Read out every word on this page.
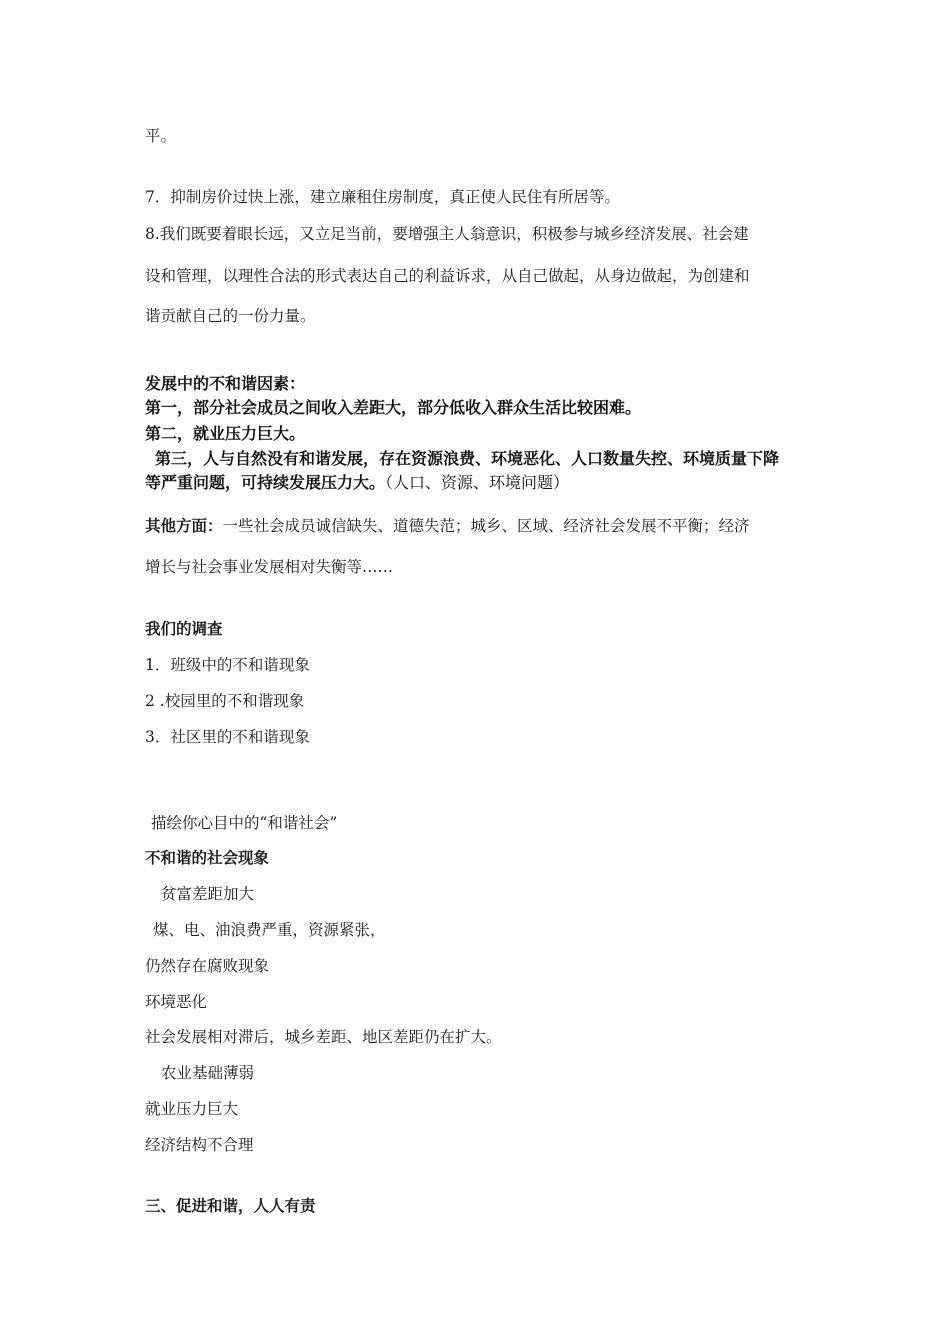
平。
7．抑制房价过快上涨，建立廉租住房制度，真正使人民住有所居等。
8.我们既要着眼长远，又立足当前，要增强主人翁意识，积极参与城乡经济发展、社会建
设和管理，以理性合法的形式表达自己的利益诉求，从自己做起，从身边做起，为创建和
谐贡献自己的一份力量。
发展中的不和谐因素：
第一，部分社会成员之间收入差距大，部分低收入群众生活比较困难。
第二，就业压力巨大。
第三，人与自然没有和谐发展，存在资源浪费、环境恶化、人口数量失控、环境质量下降
等严重问题，可持续发展压力大。（人口、资源、环境问题）
其他方面：一些社会成员诚信缺失、道德失范；城乡、区域、经济社会发展不平衡；经济
增长与社会事业发展相对失衡等……
我们的调查
1．班级中的不和谐现象
2 .校园里的不和谐现象
3．社区里的不和谐现象
描绘你心目中的“和谐社会”
不和谐的社会现象
贫富差距加大
煤、电、油浪费严重，资源紧张，
仍然存在腐败现象
环境恶化
社会发展相对滞后，城乡差距、地区差距仍在扩大。
农业基础薄弱
就业压力巨大
经济结构不合理
三、促进和谐，人人有责
